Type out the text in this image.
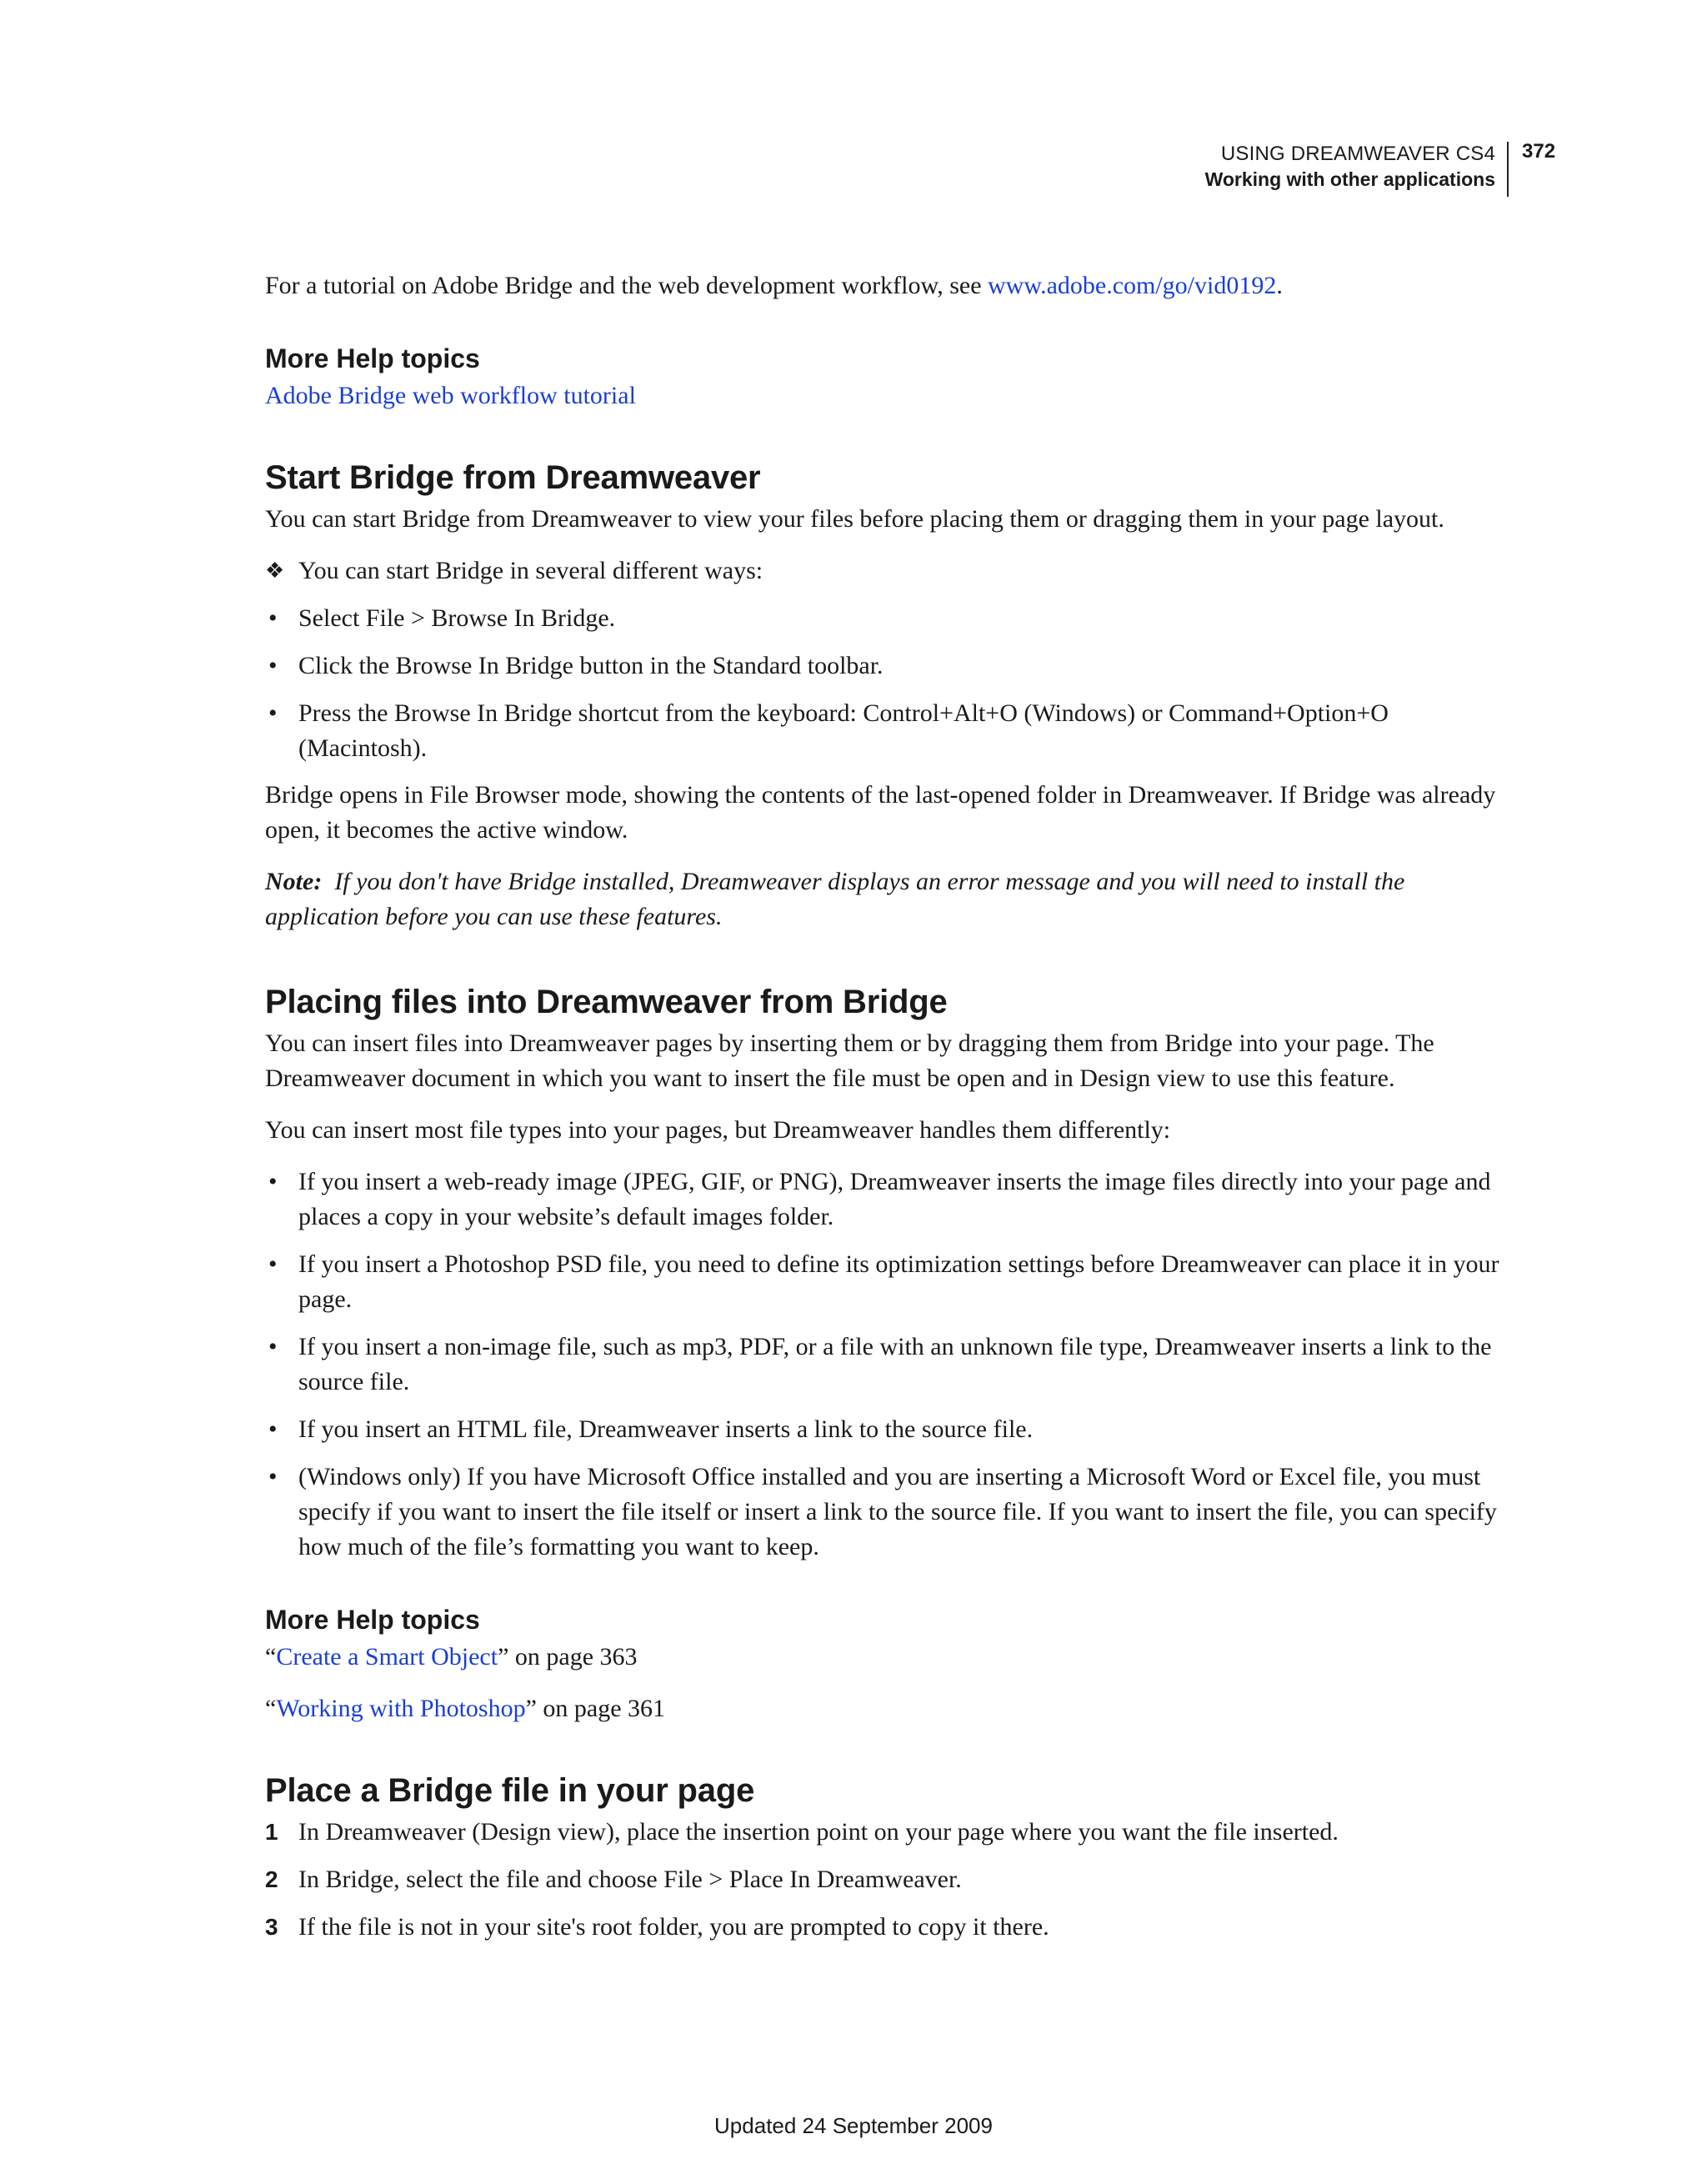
USING DREAMWEAVER CS4
Working with other applications
372

For a tutorial on Adobe Bridge and the web development workflow, see www.adobe.com/go/vid0192.

More Help topics

Adobe Bridge web workflow tutorial

Start Bridge from Dreamweaver

You can start Bridge from Dreamweaver to view your files before placing them or dragging them in your page layout.

❖ You can start Bridge in several different ways:
• Select File > Browse In Bridge.
• Click the Browse In Bridge button in the Standard toolbar.
• Press the Browse In Bridge shortcut from the keyboard: Control+Alt+O (Windows) or Command+Option+O (Macintosh).

Bridge opens in File Browser mode, showing the contents of the last-opened folder in Dreamweaver. If Bridge was already open, it becomes the active window.

Note: If you don't have Bridge installed, Dreamweaver displays an error message and you will need to install the application before you can use these features.

Placing files into Dreamweaver from Bridge

You can insert files into Dreamweaver pages by inserting them or by dragging them from Bridge into your page. The Dreamweaver document in which you want to insert the file must be open and in Design view to use this feature.

You can insert most file types into your pages, but Dreamweaver handles them differently:

• If you insert a web-ready image (JPEG, GIF, or PNG), Dreamweaver inserts the image files directly into your page and places a copy in your website’s default images folder.
• If you insert a Photoshop PSD file, you need to define its optimization settings before Dreamweaver can place it in your page.
• If you insert a non-image file, such as mp3, PDF, or a file with an unknown file type, Dreamweaver inserts a link to the source file.
• If you insert an HTML file, Dreamweaver inserts a link to the source file.
• (Windows only) If you have Microsoft Office installed and you are inserting a Microsoft Word or Excel file, you must specify if you want to insert the file itself or insert a link to the source file. If you want to insert the file, you can specify how much of the file’s formatting you want to keep.
More Help topics

“Create a Smart Object” on page 363

“Working with Photoshop” on page 361

Place a Bridge file in your page
1 In Dreamweaver (Design view), place the insertion point on your page where you want the file inserted.
2 In Bridge, select the file and choose File > Place In Dreamweaver.
3 If the file is not in your site's root folder, you are prompted to copy it there.
Updated 24 September 2009
